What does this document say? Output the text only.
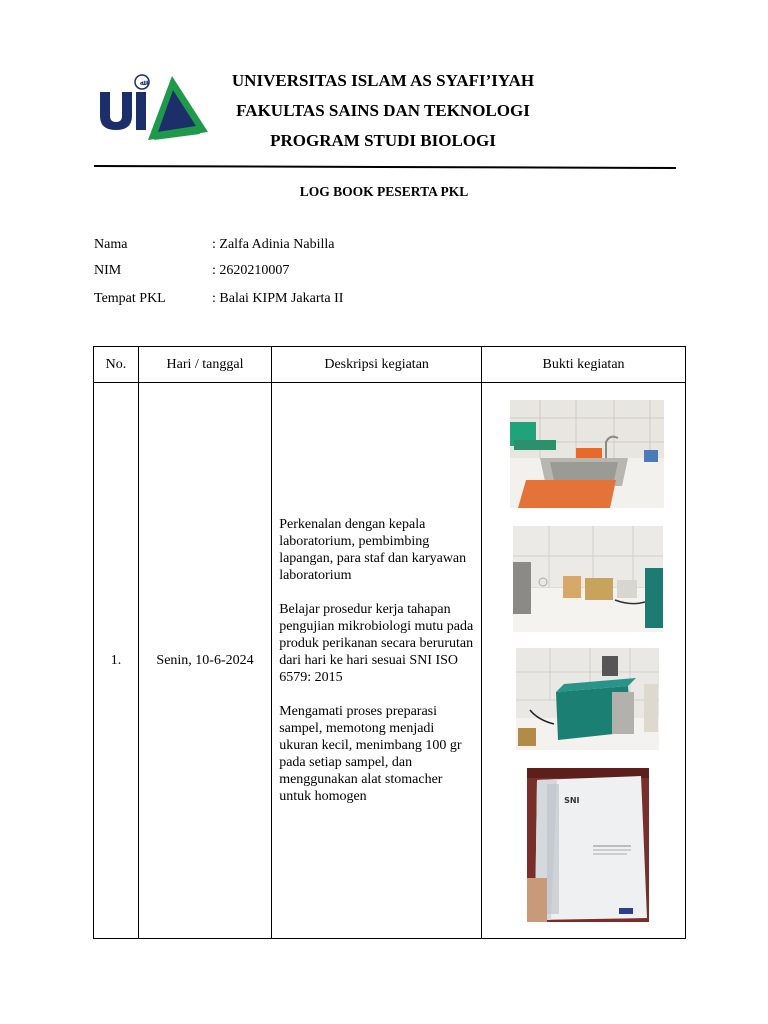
ﷲ	UNIVERSITAS ISLAM AS SYAFI’IYAH
FAKULTAS SAINS DAN TEKNOLOGI
PROGRAM STUDI BIOLOGI
LOG BOOK PESERTA PKL
Nama	: Zalfa Adinia Nabilla
NIM	: 2620210007
Tempat PKL	: Balai KIPM Jakarta II
No.	Hari / tanggal	Deskripsi kegiatan	Bukti kegiatan
1.	Senin, 10-6-2024	Perkenalan dengan kepala laboratorium, pembimbing lapangan, para staf dan karyawan laboratorium

Belajar prosedur kerja tahapan pengujian mikrobiologi mutu pada produk perikanan secara berurutan dari hari ke hari sesuai SNI ISO 6579: 2015

Mengamati proses preparasi sampel, memotong menjadi ukuran kecil, menimbang 100 gr pada setiap sampel, dan menggunakan alat stomacher untuk homogen	SNI
